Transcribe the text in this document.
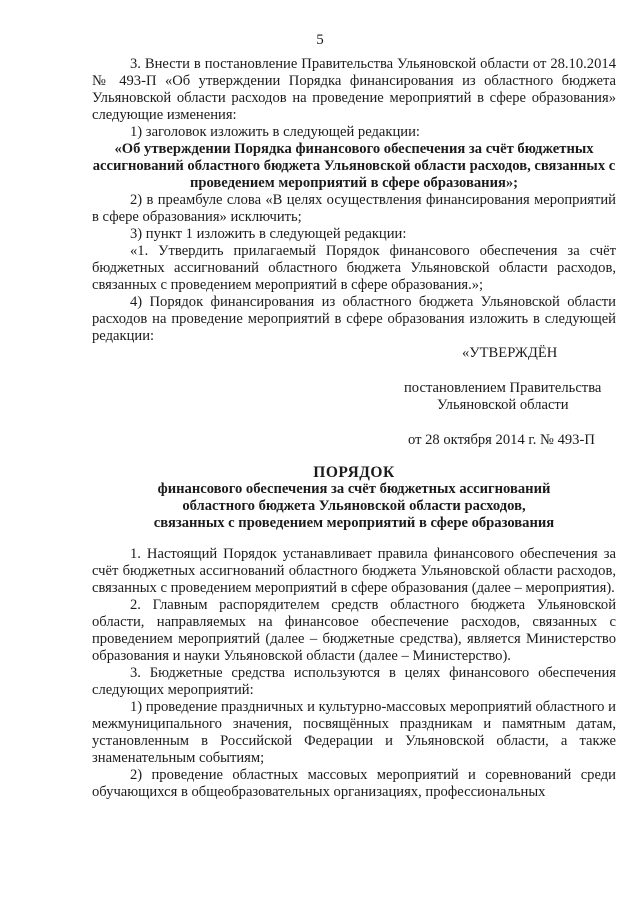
5

3. Внести в постановление Правительства Ульяновской области от 28.10.2014 № 493-П «Об утверждении Порядка финансирования из областного бюджета Ульяновской области расходов на проведение мероприятий в сфере образования» следующие изменения:

1) заголовок изложить в следующей редакции:

«Об утверждении Порядка финансового обеспечения за счёт бюджетных ассигнований областного бюджета Ульяновской области расходов, связанных с проведением мероприятий в сфере образования»;

2) в преамбуле слова «В целях осуществления финансирования мероприятий в сфере образования» исключить;

3) пункт 1 изложить в следующей редакции:

«1. Утвердить прилагаемый Порядок финансового обеспечения за счёт бюджетных ассигнований областного бюджета Ульяновской области расходов, связанных с проведением мероприятий в сфере образования.»;

4) Порядок финансирования из областного бюджета Ульяновской области расходов на проведение мероприятий в сфере образования изложить в следующей редакции:

«УТВЕРЖДЁН
постановлением Правительства
Ульяновской области
от 28 октября 2014 г. № 493-П
ПОРЯДОК
финансового обеспечения за счёт бюджетных ассигнований
областного бюджета Ульяновской области расходов,
связанных с проведением мероприятий в сфере образования

1. Настоящий Порядок устанавливает правила финансового обеспечения за счёт бюджетных ассигнований областного бюджета Ульяновской области расходов, связанных с проведением мероприятий в сфере образования (далее – мероприятия).

2. Главным распорядителем средств областного бюджета Ульяновской области, направляемых на финансовое обеспечение расходов, связанных с проведением мероприятий (далее – бюджетные средства), является Министерство образования и науки Ульяновской области (далее – Министерство).

3. Бюджетные средства используются в целях финансового обеспечения следующих мероприятий:

1) проведение праздничных и культурно-массовых мероприятий областного и межмуниципального значения, посвящённых праздникам и памятным датам, установленным в Российской Федерации и Ульяновской области, а также знаменательным событиям;

2) проведение областных массовых мероприятий и соревнований среди обучающихся в общеобразовательных организациях, профессиональных
